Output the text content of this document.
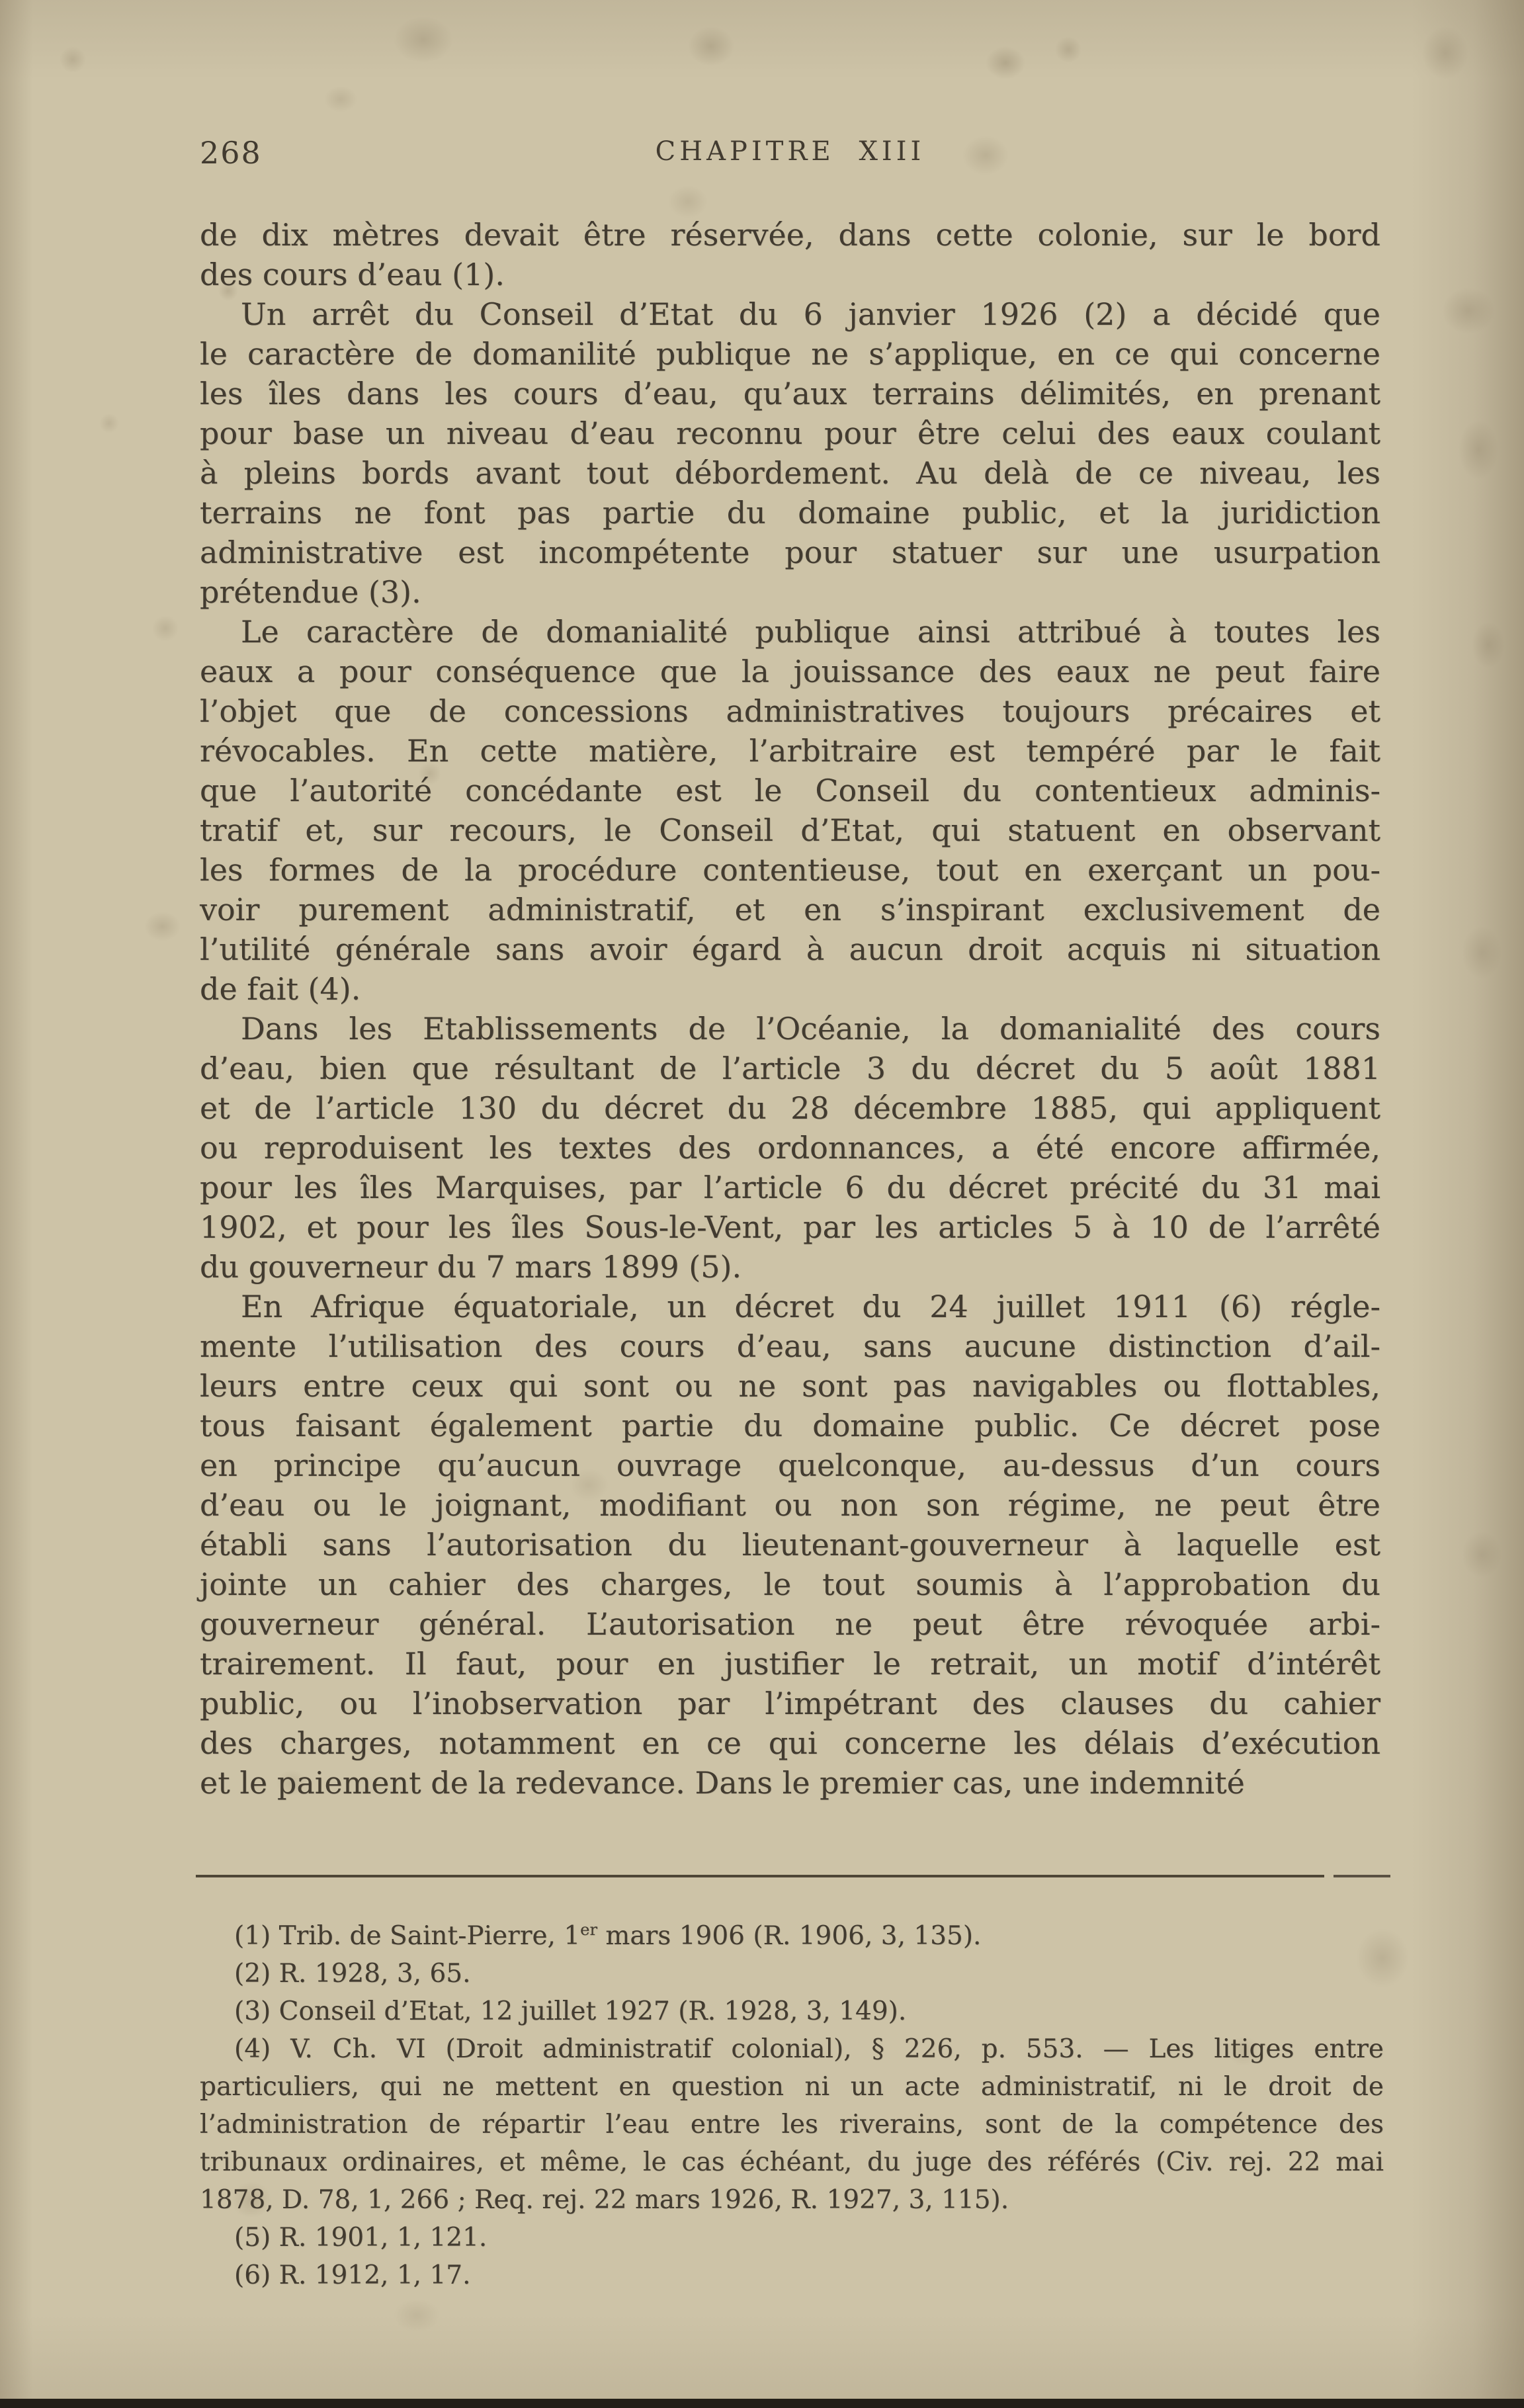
268	CHAPITRE XIII
de dix mètres devait être réservée, dans cette colonie, sur le bord
des cours d’eau (1).
Un arrêt du Conseil d’Etat du 6 janvier 1926 (2) a décidé que
le caractère de domanilité publique ne s’applique, en ce qui concerne
les îles dans les cours d’eau, qu’aux terrains délimités, en prenant
pour base un niveau d’eau reconnu pour être celui des eaux coulant
à pleins bords avant tout débordement. Au delà de ce niveau, les
terrains ne font pas partie du domaine public, et la juridiction
administrative est incompétente pour statuer sur une usurpation
prétendue (3).
Le caractère de domanialité publique ainsi attribué à toutes les
eaux a pour conséquence que la jouissance des eaux ne peut faire
l’objet que de concessions administratives toujours précaires et
révocables. En cette matière, l’arbitraire est tempéré par le fait
que l’autorité concédante est le Conseil du contentieux adminis-
tratif et, sur recours, le Conseil d’Etat, qui statuent en observant
les formes de la procédure contentieuse, tout en exerçant un pou-
voir purement administratif, et en s’inspirant exclusivement de
l’utilité générale sans avoir égard à aucun droit acquis ni situation
de fait (4).
Dans les Etablissements de l’Océanie, la domanialité des cours
d’eau, bien que résultant de l’article 3 du décret du 5 août 1881
et de l’article 130 du décret du 28 décembre 1885, qui appliquent
ou reproduisent les textes des ordonnances, a été encore affirmée,
pour les îles Marquises, par l’article 6 du décret précité du 31 mai
1902, et pour les îles Sous-le-Vent, par les articles 5 à 10 de l’arrêté
du gouverneur du 7 mars 1899 (5).
En Afrique équatoriale, un décret du 24 juillet 1911 (6) régle-
mente l’utilisation des cours d’eau, sans aucune distinction d’ail-
leurs entre ceux qui sont ou ne sont pas navigables ou flottables,
tous faisant également partie du domaine public. Ce décret pose
en principe qu’aucun ouvrage quelconque, au-dessus d’un cours
d’eau ou le joignant, modifiant ou non son régime, ne peut être
établi sans l’autorisation du lieutenant-gouverneur à laquelle est
jointe un cahier des charges, le tout soumis à l’approbation du
gouverneur général. L’autorisation ne peut être révoquée arbi-
trairement. Il faut, pour en justifier le retrait, un motif d’intérêt
public, ou l’inobservation par l’impétrant des clauses du cahier
des charges, notamment en ce qui concerne les délais d’exécution
et le paiement de la redevance. Dans le premier cas, une indemnité
(1) Trib. de Saint-Pierre, 1er mars 1906 (R. 1906, 3, 135).
(2) R. 1928, 3, 65.
(3) Conseil d’Etat, 12 juillet 1927 (R. 1928, 3, 149).
(4) V. Ch. VI (Droit administratif colonial), § 226, p. 553. — Les litiges entre
particuliers, qui ne mettent en question ni un acte administratif, ni le droit de
l’administration de répartir l’eau entre les riverains, sont de la compétence des
tribunaux ordinaires, et même, le cas échéant, du juge des référés (Civ. rej. 22 mai
1878, D. 78, 1, 266 ; Req. rej. 22 mars 1926, R. 1927, 3, 115).
(5) R. 1901, 1, 121.
(6) R. 1912, 1, 17.
